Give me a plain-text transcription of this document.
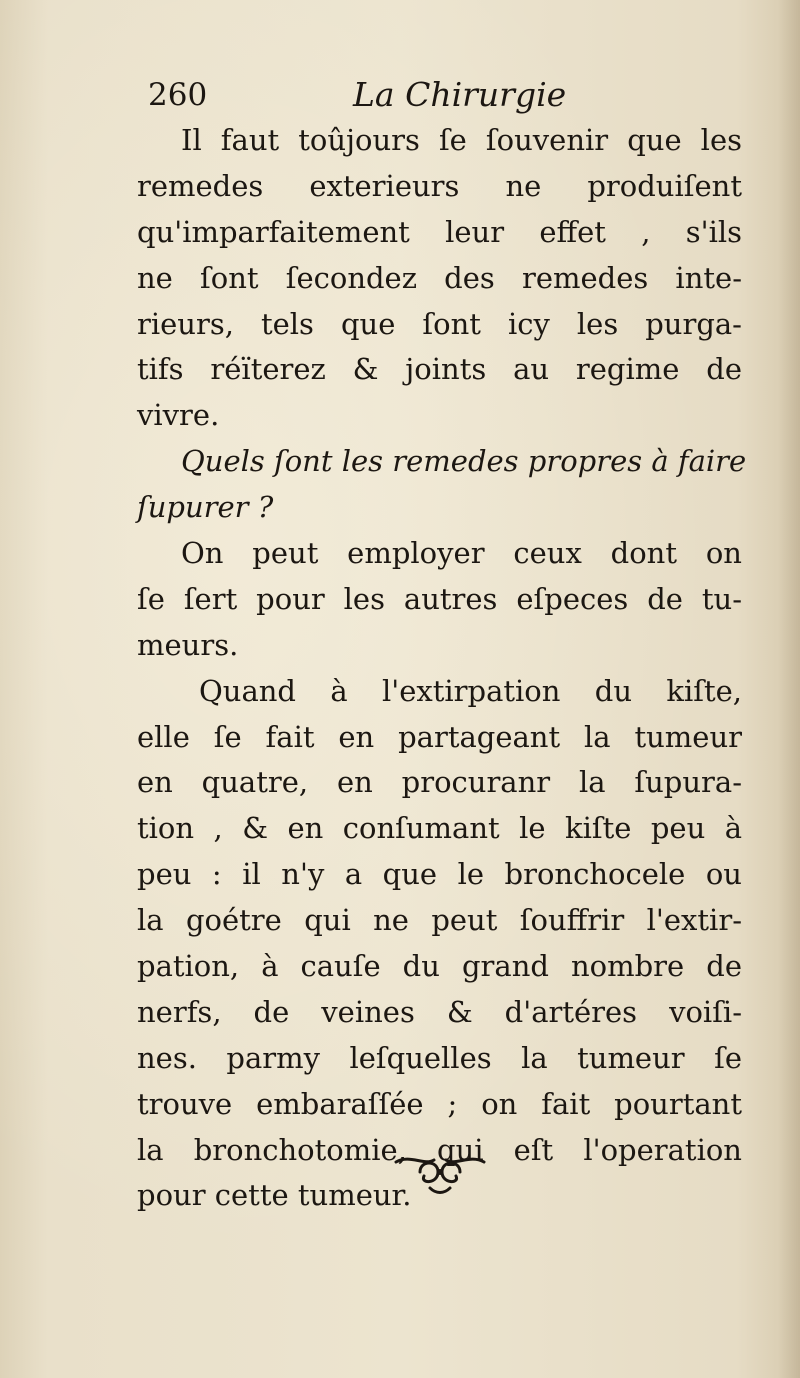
260	La Chirurgie
Il faut toûjours ſe ſouvenir que les
remedes exterieurs ne produiſent
qu'imparfaitement leur effet , s'ils
ne ſont ſecondez des remedes inte-
rieurs, tels que ſont icy les purga-
tifs réïterez & joints au regime de
vivre.
Quels ſont les remedes propres à faire
ſupurer ?
On peut employer ceux dont on
ſe ſert pour les autres eſpeces de tu-
meurs.
Quand à l'extirpation du kiſte,
elle ſe fait en partageant la tumeur
en quatre, en procuranr la ſupura-
tion , & en conſumant le kiſte peu à
peu : il n'y a que le bronchocele ou
la goétre qui ne peut ſouffrir l'extir-
pation, à cauſe du grand nombre de
nerfs, de veines & d'artéres voiſi-
nes. parmy leſquelles la tumeur ſe
trouve embaraſſée ; on fait pourtant
la bronchotomie, qui eſt l'operation
pour cette tumeur.
